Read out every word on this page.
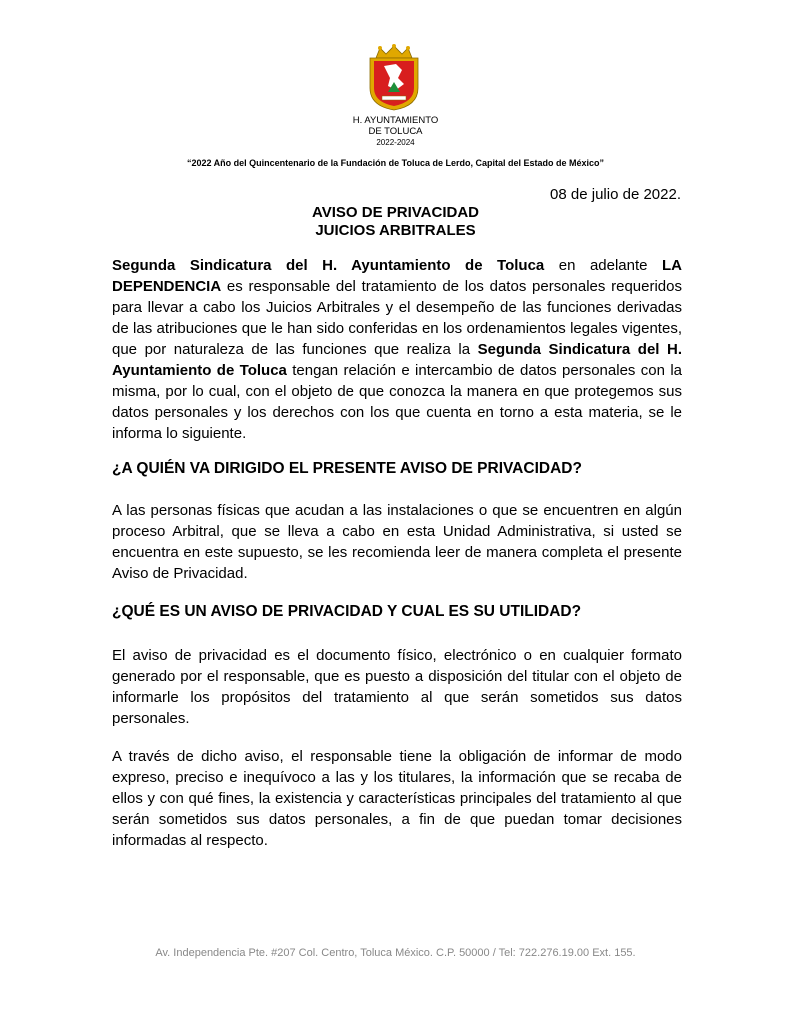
H. AYUNTAMIENTO
DE TOLUCA
2022-2024
“2022 Año del Quincentenario de la Fundación de Toluca de Lerdo, Capital del Estado de México”
08 de julio de 2022.
AVISO DE PRIVACIDAD
JUICIOS ARBITRALES

Segunda Sindicatura del H. Ayuntamiento de Toluca en adelante LA DEPENDENCIA es responsable del tratamiento de los datos personales requeridos para llevar a cabo los Juicios Arbitrales y el desempeño de las funciones derivadas de las atribuciones que le han sido conferidas en los ordenamientos legales vigentes, que por naturaleza de las funciones que realiza la Segunda Sindicatura del H. Ayuntamiento de Toluca tengan relación e intercambio de datos personales con la misma, por lo cual, con el objeto de que conozca la manera en que protegemos sus datos personales y los derechos con los que cuenta en torno a esta materia, se le informa lo siguiente.

¿A QUIÉN VA DIRIGIDO EL PRESENTE AVISO DE PRIVACIDAD?

A las personas físicas que acudan a las instalaciones o que se encuentren en algún proceso Arbitral, que se lleva a cabo en esta Unidad Administrativa, si usted se encuentra en este supuesto, se les recomienda leer de manera completa el presente Aviso de Privacidad.

¿QUÉ ES UN AVISO DE PRIVACIDAD Y CUAL ES SU UTILIDAD?

El aviso de privacidad es el documento físico, electrónico o en cualquier formato generado por el responsable, que es puesto a disposición del titular con el objeto de informarle los propósitos del tratamiento al que serán sometidos sus datos personales.

A través de dicho aviso, el responsable tiene la obligación de informar de modo expreso, preciso e inequívoco a las y los titulares, la información que se recaba de ellos y con qué fines, la existencia y características principales del tratamiento al que serán sometidos sus datos personales, a fin de que puedan tomar decisiones informadas al respecto.

Av. Independencia Pte. #207 Col. Centro, Toluca México. C.P. 50000 / Tel: 722.276.19.00 Ext. 155.
